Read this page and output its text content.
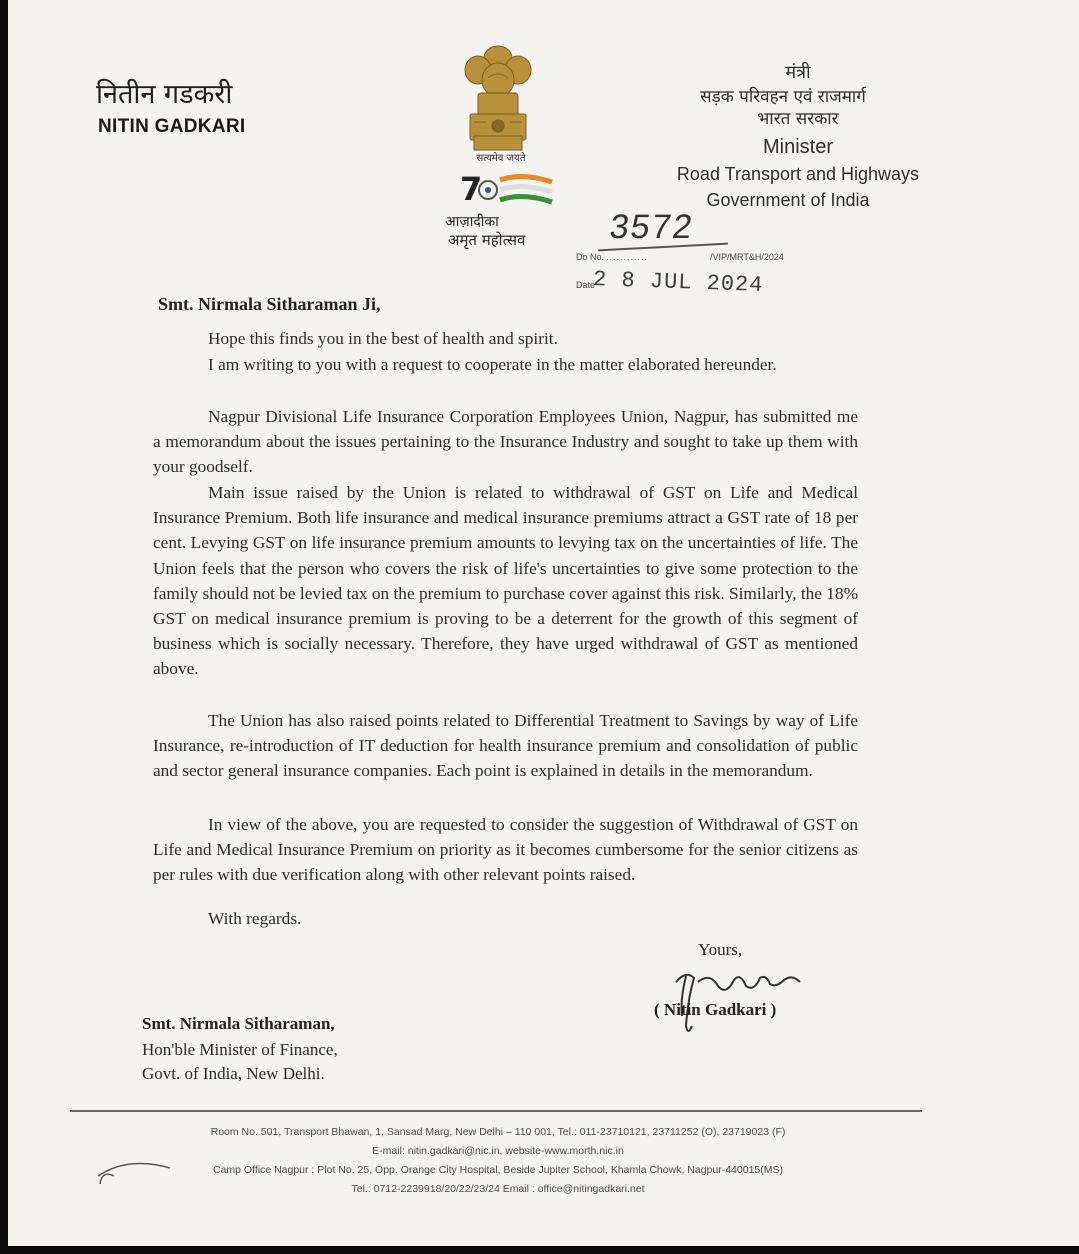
नितीन गडकरी
NITIN GADKARI
सत्यमेव जयते
7
आज़ादीका
अमृत महोत्सव
मंत्री
सड़क परिवहन एवं राजमार्ग
भारत सरकार
Minister
Road Transport and Highways
Government of India
3572
Do No. ............	/VIP/MRT&H/2024
Date
2 8 JUL 2024
Smt. Nirmala Sitharaman Ji,

Hope this finds you in the best of health and spirit.

I am writing to you with a request to cooperate in the matter elaborated hereunder.

Nagpur Divisional Life Insurance Corporation Employees Union, Nagpur, has submitted me a memorandum about the issues pertaining to the Insurance Industry and sought to take up them with your goodself.

Main issue raised by the Union is related to withdrawal of GST on Life and Medical Insurance Premium. Both life insurance and medical insurance premiums attract a GST rate of 18 per cent. Levying GST on life insurance premium amounts to levying tax on the uncertainties of life. The Union feels that the person who covers the risk of life's uncertainties to give some protection to the family should not be levied tax on the premium to purchase cover against this risk. Similarly, the 18% GST on medical insurance premium is proving to be a deterrent for the growth of this segment of business which is socially necessary. Therefore, they have urged withdrawal of GST as mentioned above.

The Union has also raised points related to Differential Treatment to Savings by way of Life Insurance, re-introduction of IT deduction for health insurance premium and consolidation of public and sector general insurance companies. Each point is explained in details in the memorandum.

In view of the above, you are requested to consider the suggestion of Withdrawal of GST on Life and Medical Insurance Premium on priority as it becomes cumbersome for the senior citizens as per rules with due verification along with other relevant points raised.

With regards.

Yours,
( Nitin Gadkari )
Smt. Nirmala Sitharaman,
Hon'ble Minister of Finance,
Govt. of India, New Delhi.
Room No. 501, Transport Bhawan, 1, Sansad Marg, New Delhi – 110 001, Tel.: 011-23710121, 23711252 (O), 23719023 (F)
E-mail: nitin.gadkari@nic.in, website-www.morth.nic.in
Camp Office Nagpur : Plot No. 25, Opp. Orange City Hospital, Beside Jupiter School, Khamla Chowk, Nagpur-440015(MS)
Tel.: 0712-2239918/20/22/23/24 Email : office@nitingadkari.net
